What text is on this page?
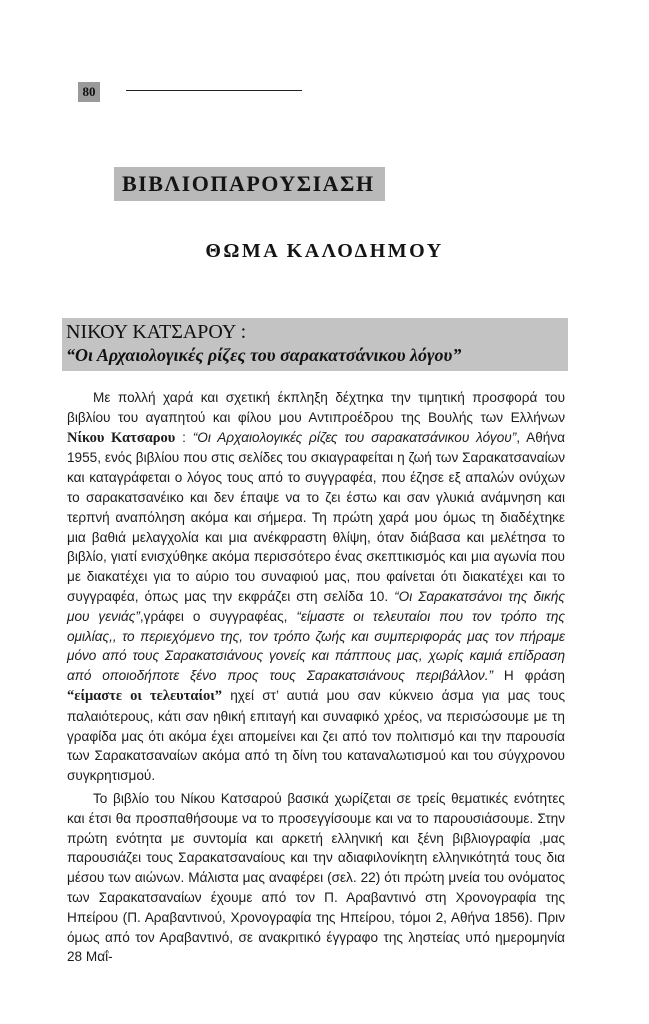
80
ΒΙΒΛΙΟΠΑΡΟΥΣΙΑΣΗ
ΘΩΜΑ ΚΑΛΟΔΗΜΟΥ
ΝΙΚΟΥ ΚΑΤΣΑΡΟΥ :
“Οι Αρχαιολογικές ρίζες του σαρακατσάνικου λόγου”

Με πολλή χαρά και σχετική έκπληξη δέχτηκα την τιμητική προσφορά του βιβλίου του αγαπητού και φίλου μου Αντιπροέδρου της Βουλής των Ελλήνων Νίκου Κατσαρου : “Οι Αρχαιολογικές ρίζες του σαρακατσάνικου λόγου”, Αθήνα 1955, ενός βιβλίου που στις σελίδες του σκιαγραφείται η ζωή των Σαρακατσαναίων και καταγράφεται ο λόγος τους από το συγγραφέα, που έζησε εξ απαλών ονύχων το σαρακατσανέικο και δεν έπαψε να το ζει έστω και σαν γλυκιά ανάμνηση και τερπνή αναπόληση ακόμα και σήμερα. Τη πρώτη χαρά μου όμως τη διαδέχτηκε μια βαθιά μελαγχολία και μια ανέκφραστη θλίψη, όταν διάβασα και μελέτησα το βιβλίο, γιατί ενισχύθηκε ακόμα περισσότερο ένας σκεπτικισμός και μια αγωνία που με διακατέχει για το αύριο του συναφιού μας, που φαίνεται ότι διακατέχει και το συγγραφέα, όπως μας την εκφράζει στη σελίδα 10. “Οι Σαρακατσάνοι της δικής μου γενιάς”,γράφει ο συγγραφέας, “είμαστε οι τελευταίοι που τον τρόπο της ομιλίας,, το περιεχόμενο της, τον τρόπο ζωής και συμπεριφοράς μας τον πήραμε μόνο από τους Σαρακατσιάνους γονείς και πάππους μας, χωρίς καμιά επίδραση από οποιοδήποτε ξένο προς τους Σαρακατσιάνους περιβάλλον.” Η φράση “είμαστε οι τελευταίοι” ηχεί στ’ αυτιά μου σαν κύκνειο άσμα για μας τους παλαιότερους, κάτι σαν ηθική επιταγή και συναφικό χρέος, να περισώσουμε με τη γραφίδα μας ότι ακόμα έχει απομείνει και ζει από τον πολιτισμό και την παρουσία των Σαρακατσαναίων ακόμα από τη δίνη του καταναλωτισμού και του σύγχρονου συγκρητισμού.

Το βιβλίο του Νίκου Κατσαρού βασικά χωρίζεται σε τρείς θεματικές ενότητες και έτσι θα προσπαθήσουμε να το προσεγγίσουμε και να το παρουσιάσουμε. Στην πρώτη ενότητα με συντομία και αρκετή ελληνική και ξένη βιβλιογραφία ,μας παρουσιάζει τους Σαρακατσαναίους και την αδιαφιλονίκητη ελληνικότητά τους δια μέσου των αιώνων. Μάλιστα μας αναφέρει (σελ. 22) ότι πρώτη μνεία του ονόματος των Σαρακατσαναίων έχουμε από τον Π. Αραβαντινό στη Χρονογραφία της Ηπείρου (Π. Αραβαντινού, Χρονογραφία της Ηπείρου, τόμοι 2, Αθήνα 1856). Πριν όμως από τον Αραβαντινό, σε ανακριτικό έγγραφο της ληστείας υπό ημερομηνία 28 Μαΐ-
